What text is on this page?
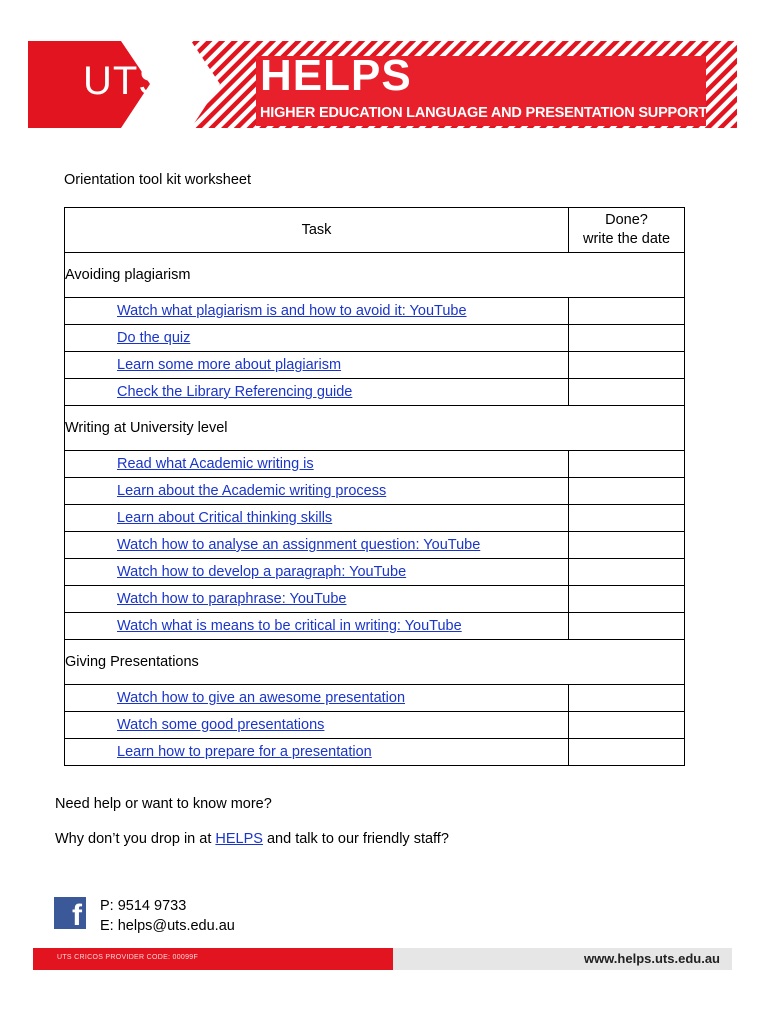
UTS: HELPS
HIGHER EDUCATION LANGUAGE AND PRESENTATION SUPPORT
Orientation tool kit worksheet
Task	Done?
write the date
Avoiding plagiarism	
Watch what plagiarism is and how to avoid it: YouTube	
Do the quiz	
Learn some more about plagiarism	
Check the Library Referencing guide	
Writing at University level	
Read what Academic writing is	
Learn about the Academic writing process	
Learn about Critical thinking skills	
Watch how to analyse an assignment question: YouTube	
Watch how to develop a paragraph: YouTube	
Watch how to paraphrase: YouTube	
Watch what is means to be critical in writing: YouTube	
Giving Presentations	
Watch how to give an awesome presentation	
Watch some good presentations	
Learn how to prepare for a presentation	
Need help or want to know more?
Why don’t you drop in at HELPS and talk to our friendly staff?
f P: 9514 9733
E: helps@uts.edu.au
UTS CRICOS PROVIDER CODE: 00099F	www.helps.uts.edu.au
